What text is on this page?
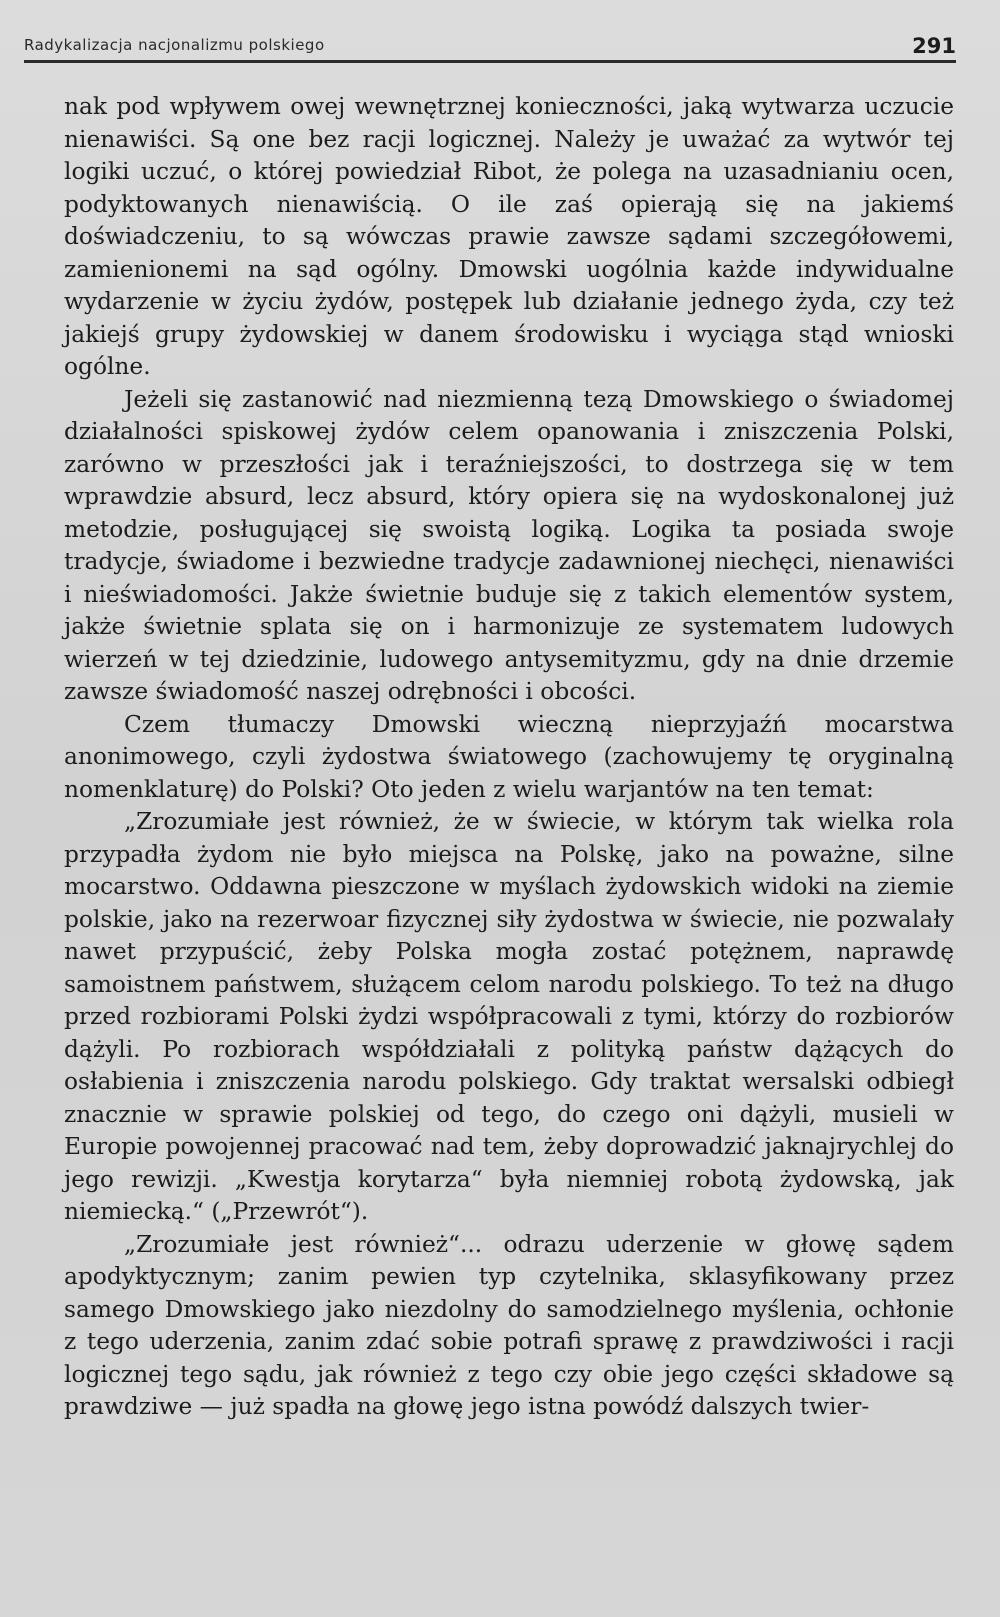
Radykalizacja nacjonalizmu polskiego	291

nak pod wpływem owej wewnętrznej konieczności, jaką wytwarza uczucie nienawiści. Są one bez racji logicznej. Należy je uważać za wytwór tej logiki uczuć, o której powiedział Ribot, że polega na uzasadnianiu ocen, podyktowanych nienawiścią. O ile zaś opierają się na jakiemś doświadczeniu, to są wówczas prawie zawsze sądami szczegółowemi, zamienionemi na sąd ogólny. Dmowski uogólnia każde indywidualne wydarzenie w życiu żydów, postępek lub działanie jednego żyda, czy też jakiejś grupy żydowskiej w danem środowisku i wyciąga stąd wnioski ogólne.

Jeżeli się zastanowić nad niezmienną tezą Dmowskiego o świadomej działalności spiskowej żydów celem opanowania i zniszczenia Polski, zarówno w przeszłości jak i teraźniejszości, to dostrzega się w tem wprawdzie absurd, lecz absurd, który opiera się na wydoskonalonej już metodzie, posługującej się swoistą logiką. Logika ta posiada swoje tradycje, świadome i bezwiedne tradycje zadawnionej niechęci, nienawiści i nieświadomości. Jakże świetnie buduje się z takich elementów system, jakże świetnie splata się on i harmonizuje ze systematem ludowych wierzeń w tej dziedzinie, ludowego antysemityzmu, gdy na dnie drzemie zawsze świadomość naszej odrębności i obcości.

Czem tłumaczy Dmowski wieczną nieprzyjaźń mocarstwa anonimowego, czyli żydostwa światowego (zachowujemy tę oryginalną nomenklaturę) do Polski? Oto jeden z wielu warjantów na ten temat:

„Zrozumiałe jest również, że w świecie, w którym tak wielka rola przypadła żydom nie było miejsca na Polskę, jako na poważne, silne mocarstwo. Oddawna pieszczone w myślach żydowskich widoki na ziemie polskie, jako na rezerwoar fizycznej siły żydostwa w świecie, nie pozwalały nawet przypuścić, żeby Polska mogła zostać potężnem, naprawdę samoistnem państwem, służącem celom narodu polskiego. To też na długo przed rozbiorami Polski żydzi współpracowali z tymi, którzy do rozbiorów dążyli. Po rozbiorach współdziałali z polityką państw dążących do osłabienia i zniszczenia narodu polskiego. Gdy traktat wersalski odbiegł znacznie w sprawie polskiej od tego, do czego oni dążyli, musieli w Europie powojennej pracować nad tem, żeby doprowadzić jaknajrychlej do jego rewizji. „Kwestja korytarza“ była niemniej robotą żydowską, jak niemiecką.“ („Przewrót“).

„Zrozumiałe jest również“... odrazu uderzenie w głowę sądem apodyktycznym; zanim pewien typ czytelnika, sklasyfikowany przez samego Dmowskiego jako niezdolny do samodzielnego myślenia, ochłonie z tego uderzenia, zanim zdać sobie potrafi sprawę z prawdziwości i racji logicznej tego sądu, jak również z tego czy obie jego części składowe są prawdziwe — już spadła na głowę jego istna powódź dalszych twier-
